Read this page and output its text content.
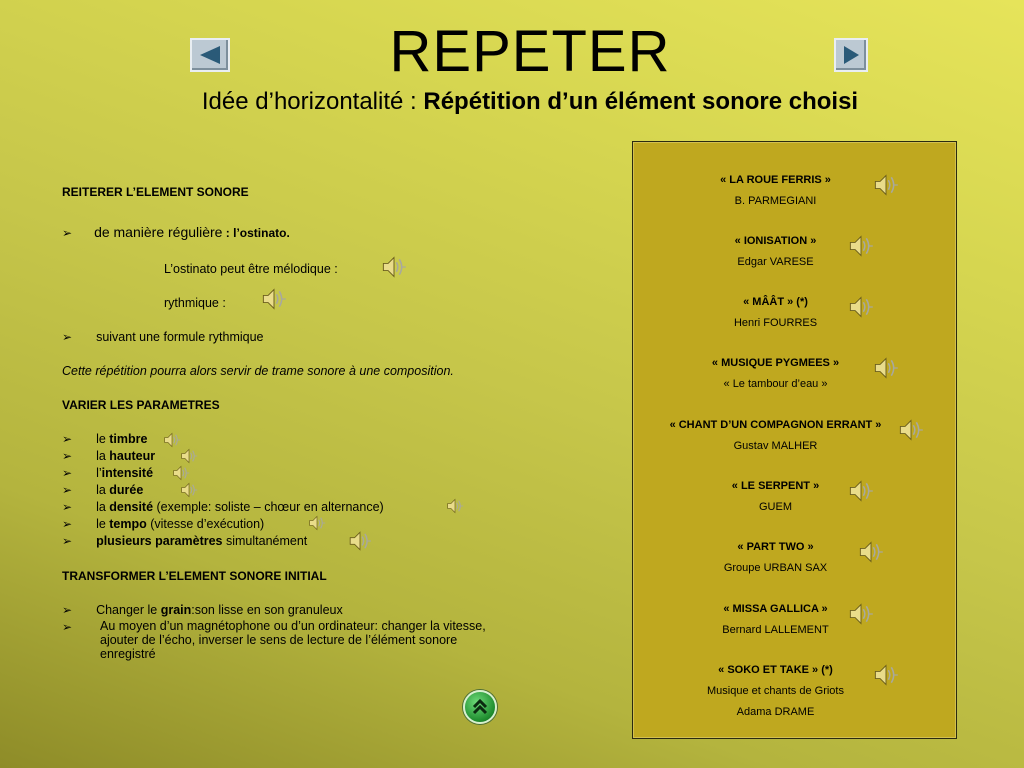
REPETER
Idée d’horizontalité : Répétition d’un élément sonore choisi
REITERER L’ELEMENT SONORE
➢ de manière régulière : l’ostinato.
L’ostinato peut être mélodique :
rythmique :
➢ suivant une formule rythmique
Cette répétition pourra alors servir de trame sonore à une composition.
VARIER LES PARAMETRES
➢ le timbre
➢ la hauteur
➢ l’intensité
➢ la durée
➢ la densité (exemple: soliste – chœur en alternance)
➢ le tempo (vitesse d’exécution)
➢ plusieurs paramètres simultanément
TRANSFORMER L’ELEMENT SONORE INITIAL
➢ Changer le grain:son lisse en son granuleux
➢ Au moyen d’un magnétophone ou d’un ordinateur: changer la vitesse,
ajouter de l’écho, inverser le sens de lecture de l’élément sonore
enregistré
« LA ROUE FERRIS »
B. PARMEGIANI
« IONISATION »
Edgar VARESE
« MÂÂT » (*)
Henri FOURRES
« MUSIQUE PYGMEES »
« Le tambour d’eau »
« CHANT D’UN COMPAGNON ERRANT »
Gustav MALHER
« LE SERPENT »
GUEM
« PART TWO »
Groupe URBAN SAX
« MISSA GALLICA »
Bernard LALLEMENT
« SOKO ET TAKE » (*)
Musique et chants de Griots
Adama DRAME
